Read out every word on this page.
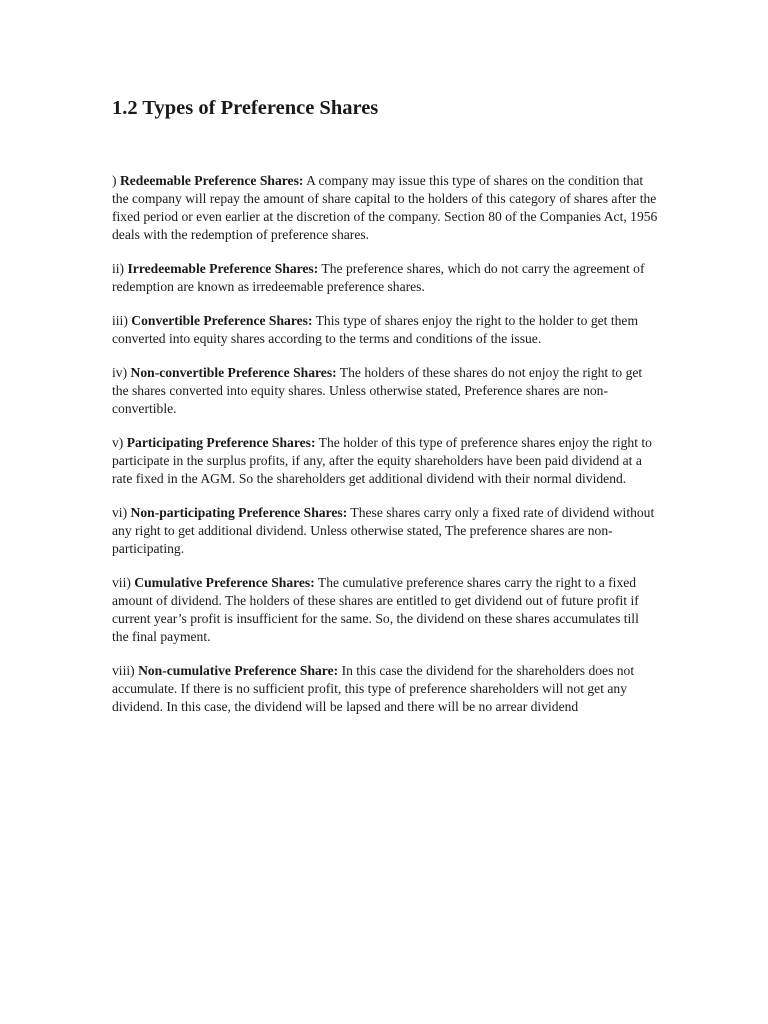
1.2 Types of Preference Shares

) Redeemable Preference Shares: A company may issue this type of shares on the condition that the company will repay the amount of share capital to the holders of this category of shares after the fixed period or even earlier at the discretion of the company. Section 80 of the Companies Act, 1956 deals with the redemption of preference shares.

ii) Irredeemable Preference Shares: The preference shares, which do not carry the agreement of redemption are known as irredeemable preference shares.

iii) Convertible Preference Shares: This type of shares enjoy the right to the holder to get them converted into equity shares according to the terms and conditions of the issue.

iv) Non-convertible Preference Shares: The holders of these shares do not enjoy the right to get the shares converted into equity shares. Unless otherwise stated, Preference shares are non-convertible.

v) Participating Preference Shares: The holder of this type of preference shares enjoy the right to participate in the surplus profits, if any, after the equity shareholders have been paid dividend at a rate fixed in the AGM. So the shareholders get additional dividend with their normal dividend.

vi) Non-participating Preference Shares: These shares carry only a fixed rate of dividend without any right to get additional dividend. Unless otherwise stated, The preference shares are non-participating.

vii) Cumulative Preference Shares: The cumulative preference shares carry the right to a fixed amount of dividend. The holders of these shares are entitled to get dividend out of future profit if current year’s profit is insufficient for the same. So, the dividend on these shares accumulates till the final payment.

viii) Non-cumulative Preference Share: In this case the dividend for the shareholders does not accumulate. If there is no sufficient profit, this type of preference shareholders will not get any dividend. In this case, the dividend will be lapsed and there will be no arrear dividend
